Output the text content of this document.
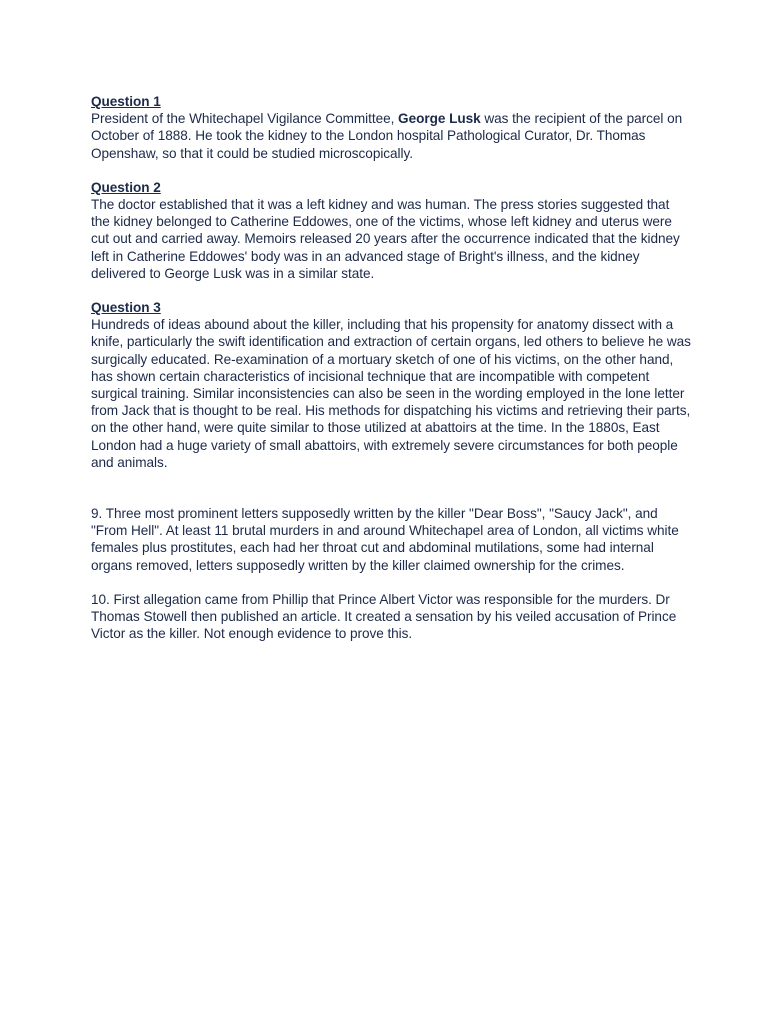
Question 1
President of the Whitechapel Vigilance Committee, George Lusk was the recipient of the parcel on October of 1888. He took the kidney to the London hospital Pathological Curator, Dr. Thomas Openshaw, so that it could be studied microscopically.
Question 2
The doctor established that it was a left kidney and was human. The press stories suggested that the kidney belonged to Catherine Eddowes, one of the victims, whose left kidney and uterus were cut out and carried away. Memoirs released 20 years after the occurrence indicated that the kidney left in Catherine Eddowes' body was in an advanced stage of Bright's illness, and the kidney delivered to George Lusk was in a similar state.
Question 3
Hundreds of ideas abound about the killer, including that his propensity for anatomy dissect with a knife, particularly the swift identification and extraction of certain organs, led others to believe he was surgically educated. Re-examination of a mortuary sketch of one of his victims, on the other hand, has shown certain characteristics of incisional technique that are incompatible with competent surgical training. Similar inconsistencies can also be seen in the wording employed in the lone letter from Jack that is thought to be real. His methods for dispatching his victims and retrieving their parts, on the other hand, were quite similar to those utilized at abattoirs at the time. In the 1880s, East London had a huge variety of small abattoirs, with extremely severe circumstances for both people and animals.
9. Three most prominent letters supposedly written by the killer "Dear Boss", "Saucy Jack", and "From Hell". At least 11 brutal murders in and around Whitechapel area of London, all victims white females plus prostitutes, each had her throat cut and abdominal mutilations, some had internal organs removed, letters supposedly written by the killer claimed ownership for the crimes.
10. First allegation came from Phillip that Prince Albert Victor was responsible for the murders. Dr Thomas Stowell then published an article. It created a sensation by his veiled accusation of Prince Victor as the killer. Not enough evidence to prove this.
